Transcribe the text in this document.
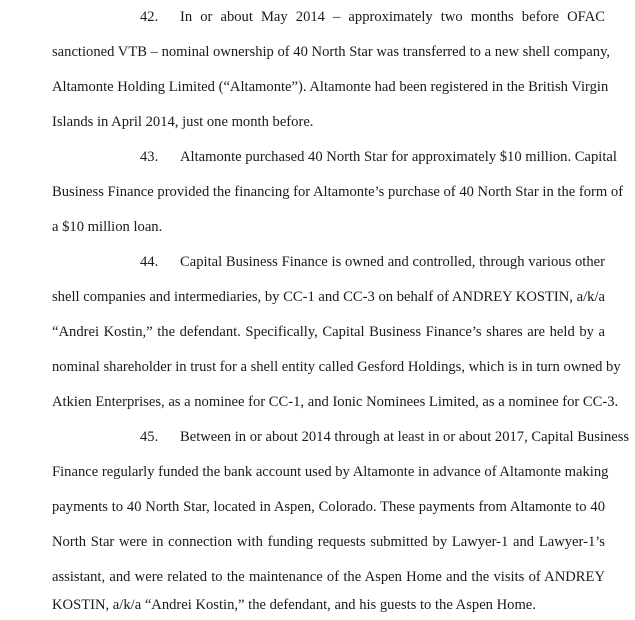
42. In or about May 2014 – approximately two months before OFAC
sanctioned VTB – nominal ownership of 40 North Star was transferred to a new shell company,
Altamonte Holding Limited (“Altamonte”). Altamonte had been registered in the British Virgin
Islands in April 2014, just one month before.
43. Altamonte purchased 40 North Star for approximately $10 million. Capital
Business Finance provided the financing for Altamonte’s purchase of 40 North Star in the form of
a $10 million loan.
44. Capital Business Finance is owned and controlled, through various other
shell companies and intermediaries, by CC-1 and CC-3 on behalf of ANDREY KOSTIN, a/k/a
“Andrei Kostin,” the defendant. Specifically, Capital Business Finance’s shares are held by a
nominal shareholder in trust for a shell entity called Gesford Holdings, which is in turn owned by
Atkien Enterprises, as a nominee for CC-1, and Ionic Nominees Limited, as a nominee for CC-3.
45. Between in or about 2014 through at least in or about 2017, Capital Business
Finance regularly funded the bank account used by Altamonte in advance of Altamonte making
payments to 40 North Star, located in Aspen, Colorado. These payments from Altamonte to 40
North Star were in connection with funding requests submitted by Lawyer-1 and Lawyer-1’s
assistant, and were related to the maintenance of the Aspen Home and the visits of ANDREY
KOSTIN, a/k/a “Andrei Kostin,” the defendant, and his guests to the Aspen Home.
